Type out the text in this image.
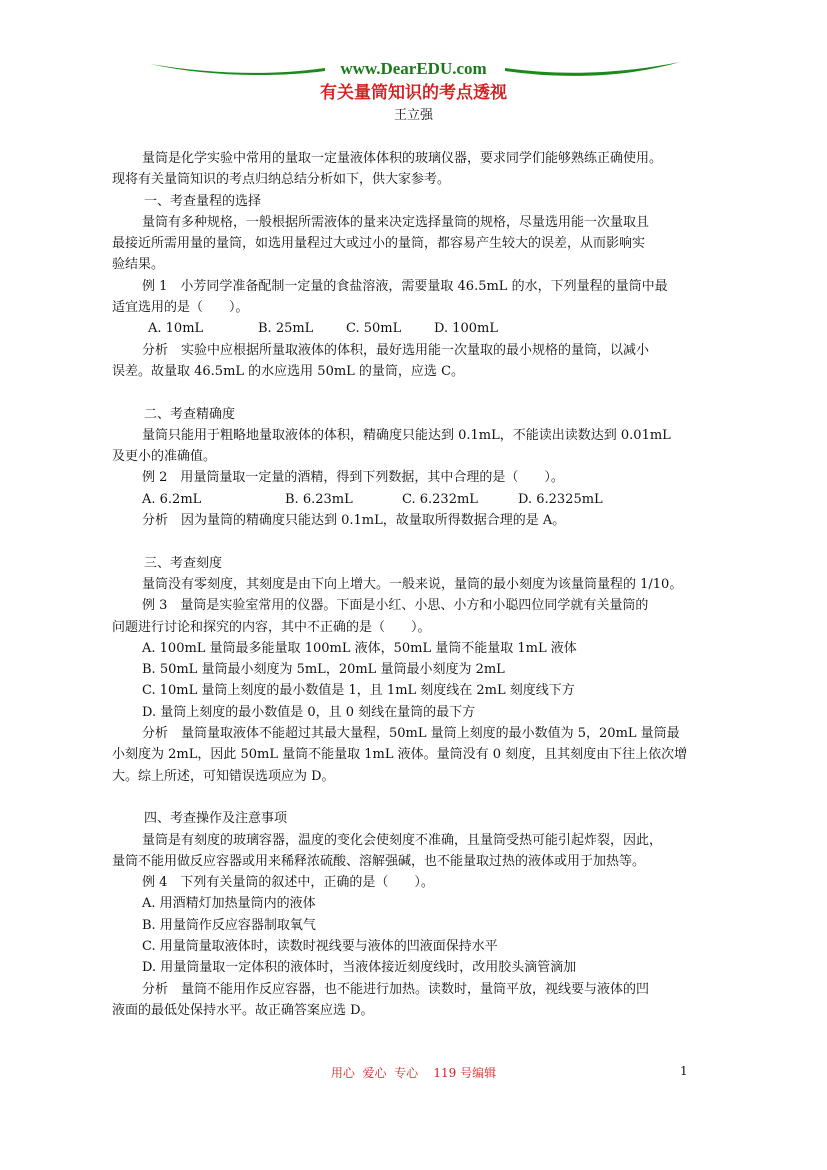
www.DearEDU.com
有关量筒知识的考点透视
王立强

量筒是化学实验中常用的量取一定量液体体积的玻璃仪器，要求同学们能够熟练正确使用。

现将有关量筒知识的考点归纳总结分析如下，供大家参考。

一、考查量程的选择

量筒有多种规格，一般根据所需液体的量来决定选择量筒的规格，尽量选用能一次量取且

最接近所需用量的量筒，如选用量程过大或过小的量筒，都容易产生较大的误差，从而影响实

验结果。

例 1　小芳同学准备配制一定量的食盐溶液，需要量取 46.5mL 的水，下列量程的量筒中最

适宜选用的是（　　）。

A. 10mL	B. 25mL	C. 50mL	D. 100mL

分析　实验中应根据所量取液体的体积，最好选用能一次量取的最小规格的量筒，以减小

误差。故量取 46.5mL 的水应选用 50mL 的量筒，应选 C。

二、考查精确度

量筒只能用于粗略地量取液体的体积，精确度只能达到 0.1mL，不能读出读数达到 0.01mL

及更小的准确值。

例 2　用量筒量取一定量的酒精，得到下列数据，其中合理的是（　　）。

A. 6.2mL	B. 6.23mL	C. 6.232mL	D. 6.2325mL

分析　因为量筒的精确度只能达到 0.1mL，故量取所得数据合理的是 A。

三、考查刻度

量筒没有零刻度，其刻度是由下向上增大。一般来说，量筒的最小刻度为该量筒量程的 1/10。

例 3　量筒是实验室常用的仪器。下面是小红、小思、小方和小聪四位同学就有关量筒的

问题进行讨论和探究的内容，其中不正确的是（　　）。

A. 100mL 量筒最多能量取 100mL 液体，50mL 量筒不能量取 1mL 液体

B. 50mL 量筒最小刻度为 5mL，20mL 量筒最小刻度为 2mL

C. 10mL 量筒上刻度的最小数值是 1，且 1mL 刻度线在 2mL 刻度线下方

D. 量筒上刻度的最小数值是 0，且 0 刻线在量筒的最下方

分析　量筒量取液体不能超过其最大量程，50mL 量筒上刻度的最小数值为 5，20mL 量筒最

小刻度为 2mL，因此 50mL 量筒不能量取 1mL 液体。量筒没有 0 刻度，且其刻度由下往上依次增

大。综上所述，可知错误选项应为 D。

四、考查操作及注意事项

量筒是有刻度的玻璃容器，温度的变化会使刻度不准确，且量筒受热可能引起炸裂，因此，

量筒不能用做反应容器或用来稀释浓硫酸、溶解强碱，也不能量取过热的液体或用于加热等。

例 4　下列有关量筒的叙述中，正确的是（　　）。

A. 用酒精灯加热量筒内的液体

B. 用量筒作反应容器制取氧气

C. 用量筒量取液体时，读数时视线要与液体的凹液面保持水平

D. 用量筒量取一定体积的液体时，当液体接近刻度线时，改用胶头滴管滴加

分析　量筒不能用作反应容器，也不能进行加热。读数时，量筒平放，视线要与液体的凹

液面的最低处保持水平。故正确答案应选 D。

用心  爱心  专心    119 号编辑	1
